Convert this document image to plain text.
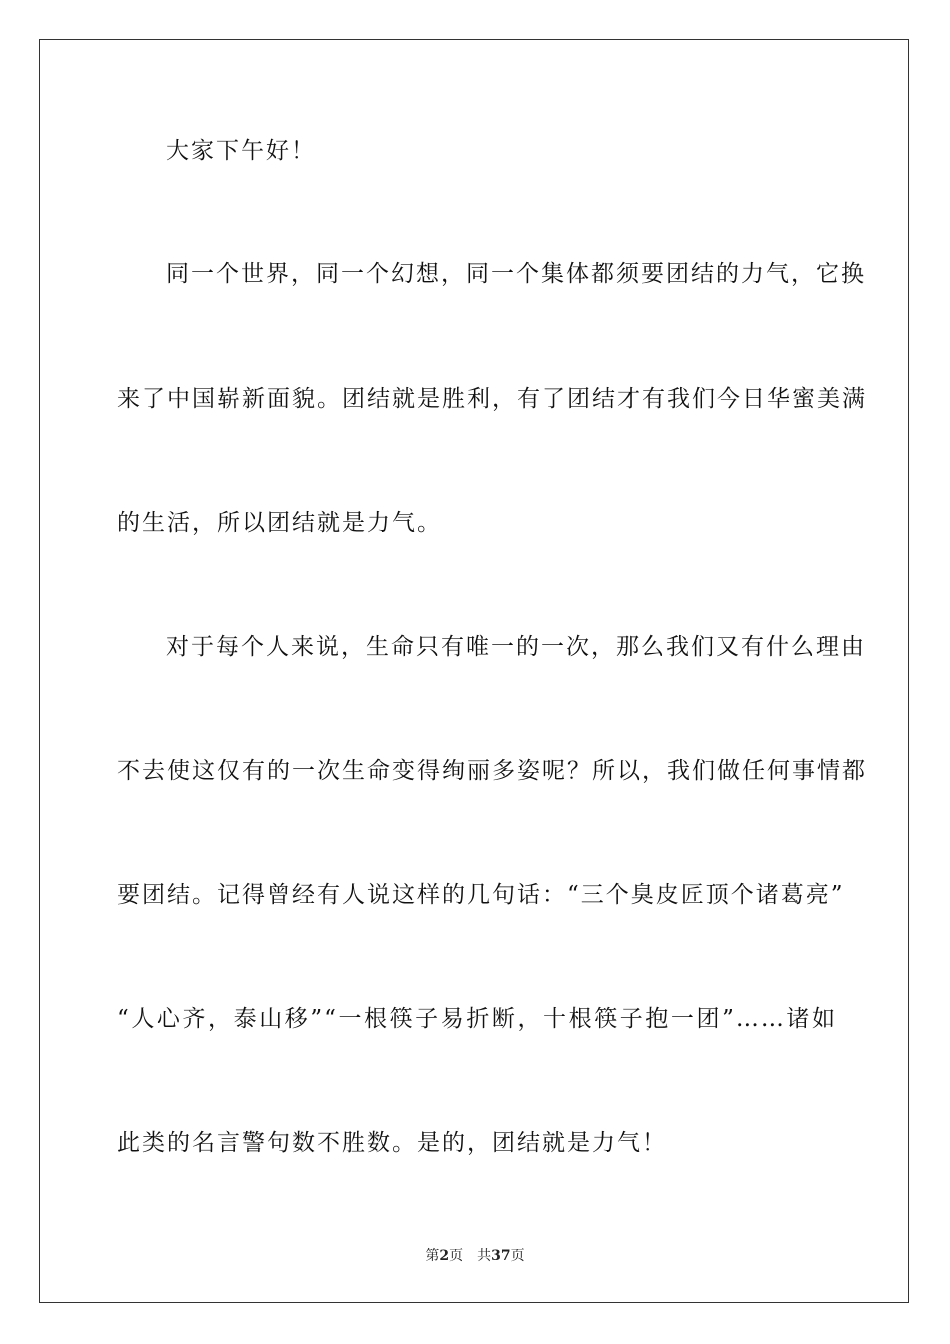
大家下午好！
同一个世界，同一个幻想，同一个集体都须要团结的力气，它换
来了中国崭新面貌。团结就是胜利，有了团结才有我们今日华蜜美满
的生活，所以团结就是力气。
对于每个人来说，生命只有唯一的一次，那么我们又有什么理由
不去使这仅有的一次生命变得绚丽多姿呢？所以，我们做任何事情都
要团结。记得曾经有人说这样的几句话：“三个臭皮匠顶个诸葛亮”
“人心齐，泰山移”“一根筷子易折断，十根筷子抱一团”……诸如
此类的名言警句数不胜数。是的，团结就是力气！
第2页 共37页
